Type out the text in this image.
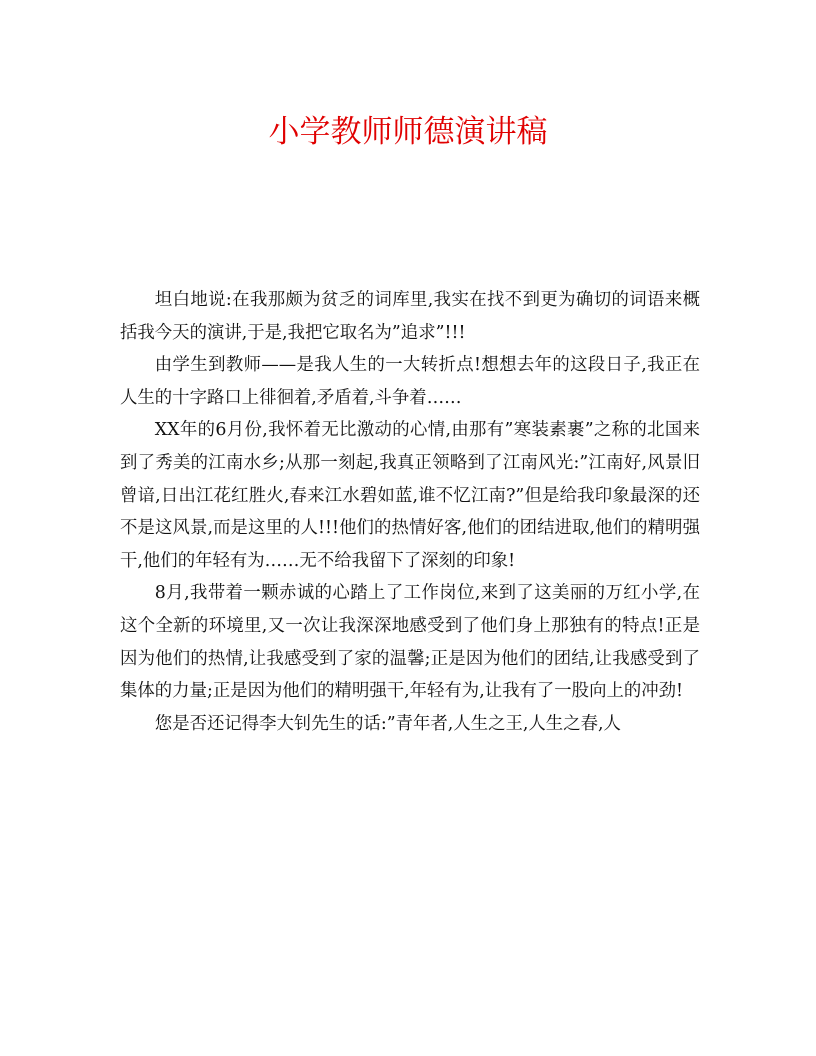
小学教师师德演讲稿

坦白地说:在我那颇为贫乏的词库里,我实在找不到更为确切的词语来概括我今天的演讲,于是,我把它取名为”追求”!!!

由学生到教师——是我人生的一大转折点!想想去年的这段日子,我正在人生的十字路口上徘徊着,矛盾着,斗争着……

XX年的6月份,我怀着无比激动的心情,由那有”寒装素裹”之称的北国来到了秀美的江南水乡;从那一刻起,我真正领略到了江南风光:”江南好,风景旧曾谙,日出江花红胜火,春来江水碧如蓝,谁不忆江南?”但是给我印象最深的还不是这风景,而是这里的人!!!他们的热情好客,他们的团结进取,他们的精明强干,他们的年轻有为……无不给我留下了深刻的印象!

8月,我带着一颗赤诚的心踏上了工作岗位,来到了这美丽的万红小学,在这个全新的环境里,又一次让我深深地感受到了他们身上那独有的特点!正是因为他们的热情,让我感受到了家的温馨;正是因为他们的团结,让我感受到了集体的力量;正是因为他们的精明强干,年轻有为,让我有了一股向上的冲劲!

您是否还记得李大钊先生的话:”青年者,人生之王,人生之春,人
